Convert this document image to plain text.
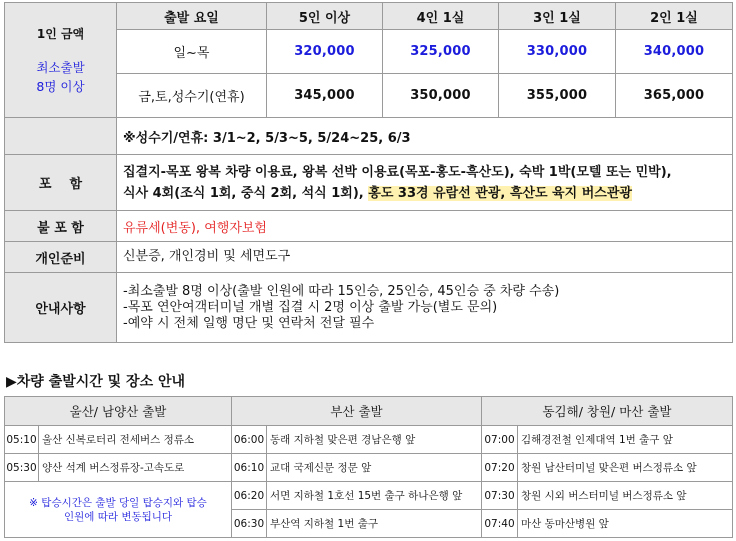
1인 금액
최소출발
8명 이상	출발 요일	5인 이상	4인 1실	3인 1실	2인 1실
	일~목	320,000	325,000	330,000	340,000
	금,토,성수기(연휴)	345,000	350,000	355,000	365,000
	※성수기/연휴: 3/1~2, 5/3~5, 5/24~25, 6/3				
포    함	집결지-목포 왕복 차량 이용료, 왕복 선박 이용료(목포-홍도-흑산도), 숙박 1박(모텔 또는 민박),
식사 4회(조식 1회, 중식 2회, 석식 1회), 홍도 33경 유람선 관광, 흑산도 육지 버스관광				

불 포 함	유류세(변동), 여행자보험				
개인준비	신분증, 개인경비 및 세면도구				
안내사항	-최소출발 8명 이상(출발 인원에 따라 15인승, 25인승, 45인승 중 차량 수송)
-목포 연안여객터미널 개별 집결 시 2명 이상 출발 가능(별도 문의)
-예약 시 전체 일행 명단 및 연락처 전달 필수				
▶차량 출발시간 및 장소 안내
울산/ 남양산 출발		부산 출발		동김해/ 창원/ 마산 출발	
05:10	울산 신복로터리 전세버스 정류소	06:00	동래 지하철 맞은편 경남은행 앞	07:00	김해경전철 인제대역 1번 출구 앞
05:30	양산 석계 버스정류장-고속도로	06:10	교대 국제신문 정문 앞	07:20	창원 남산터미널 맞은편 버스정류소 앞
※ 탑승시간은 출발 당일 탑승지와 탑승인원에 따라 변동됩니다		06:20	서면 지하철 1호선 15번 출구 하나은행 앞	07:30	창원 시외 버스터미널 버스정류소 앞
		06:30	부산역 지하철 1번 출구	07:40	마산 동마산병원 앞
